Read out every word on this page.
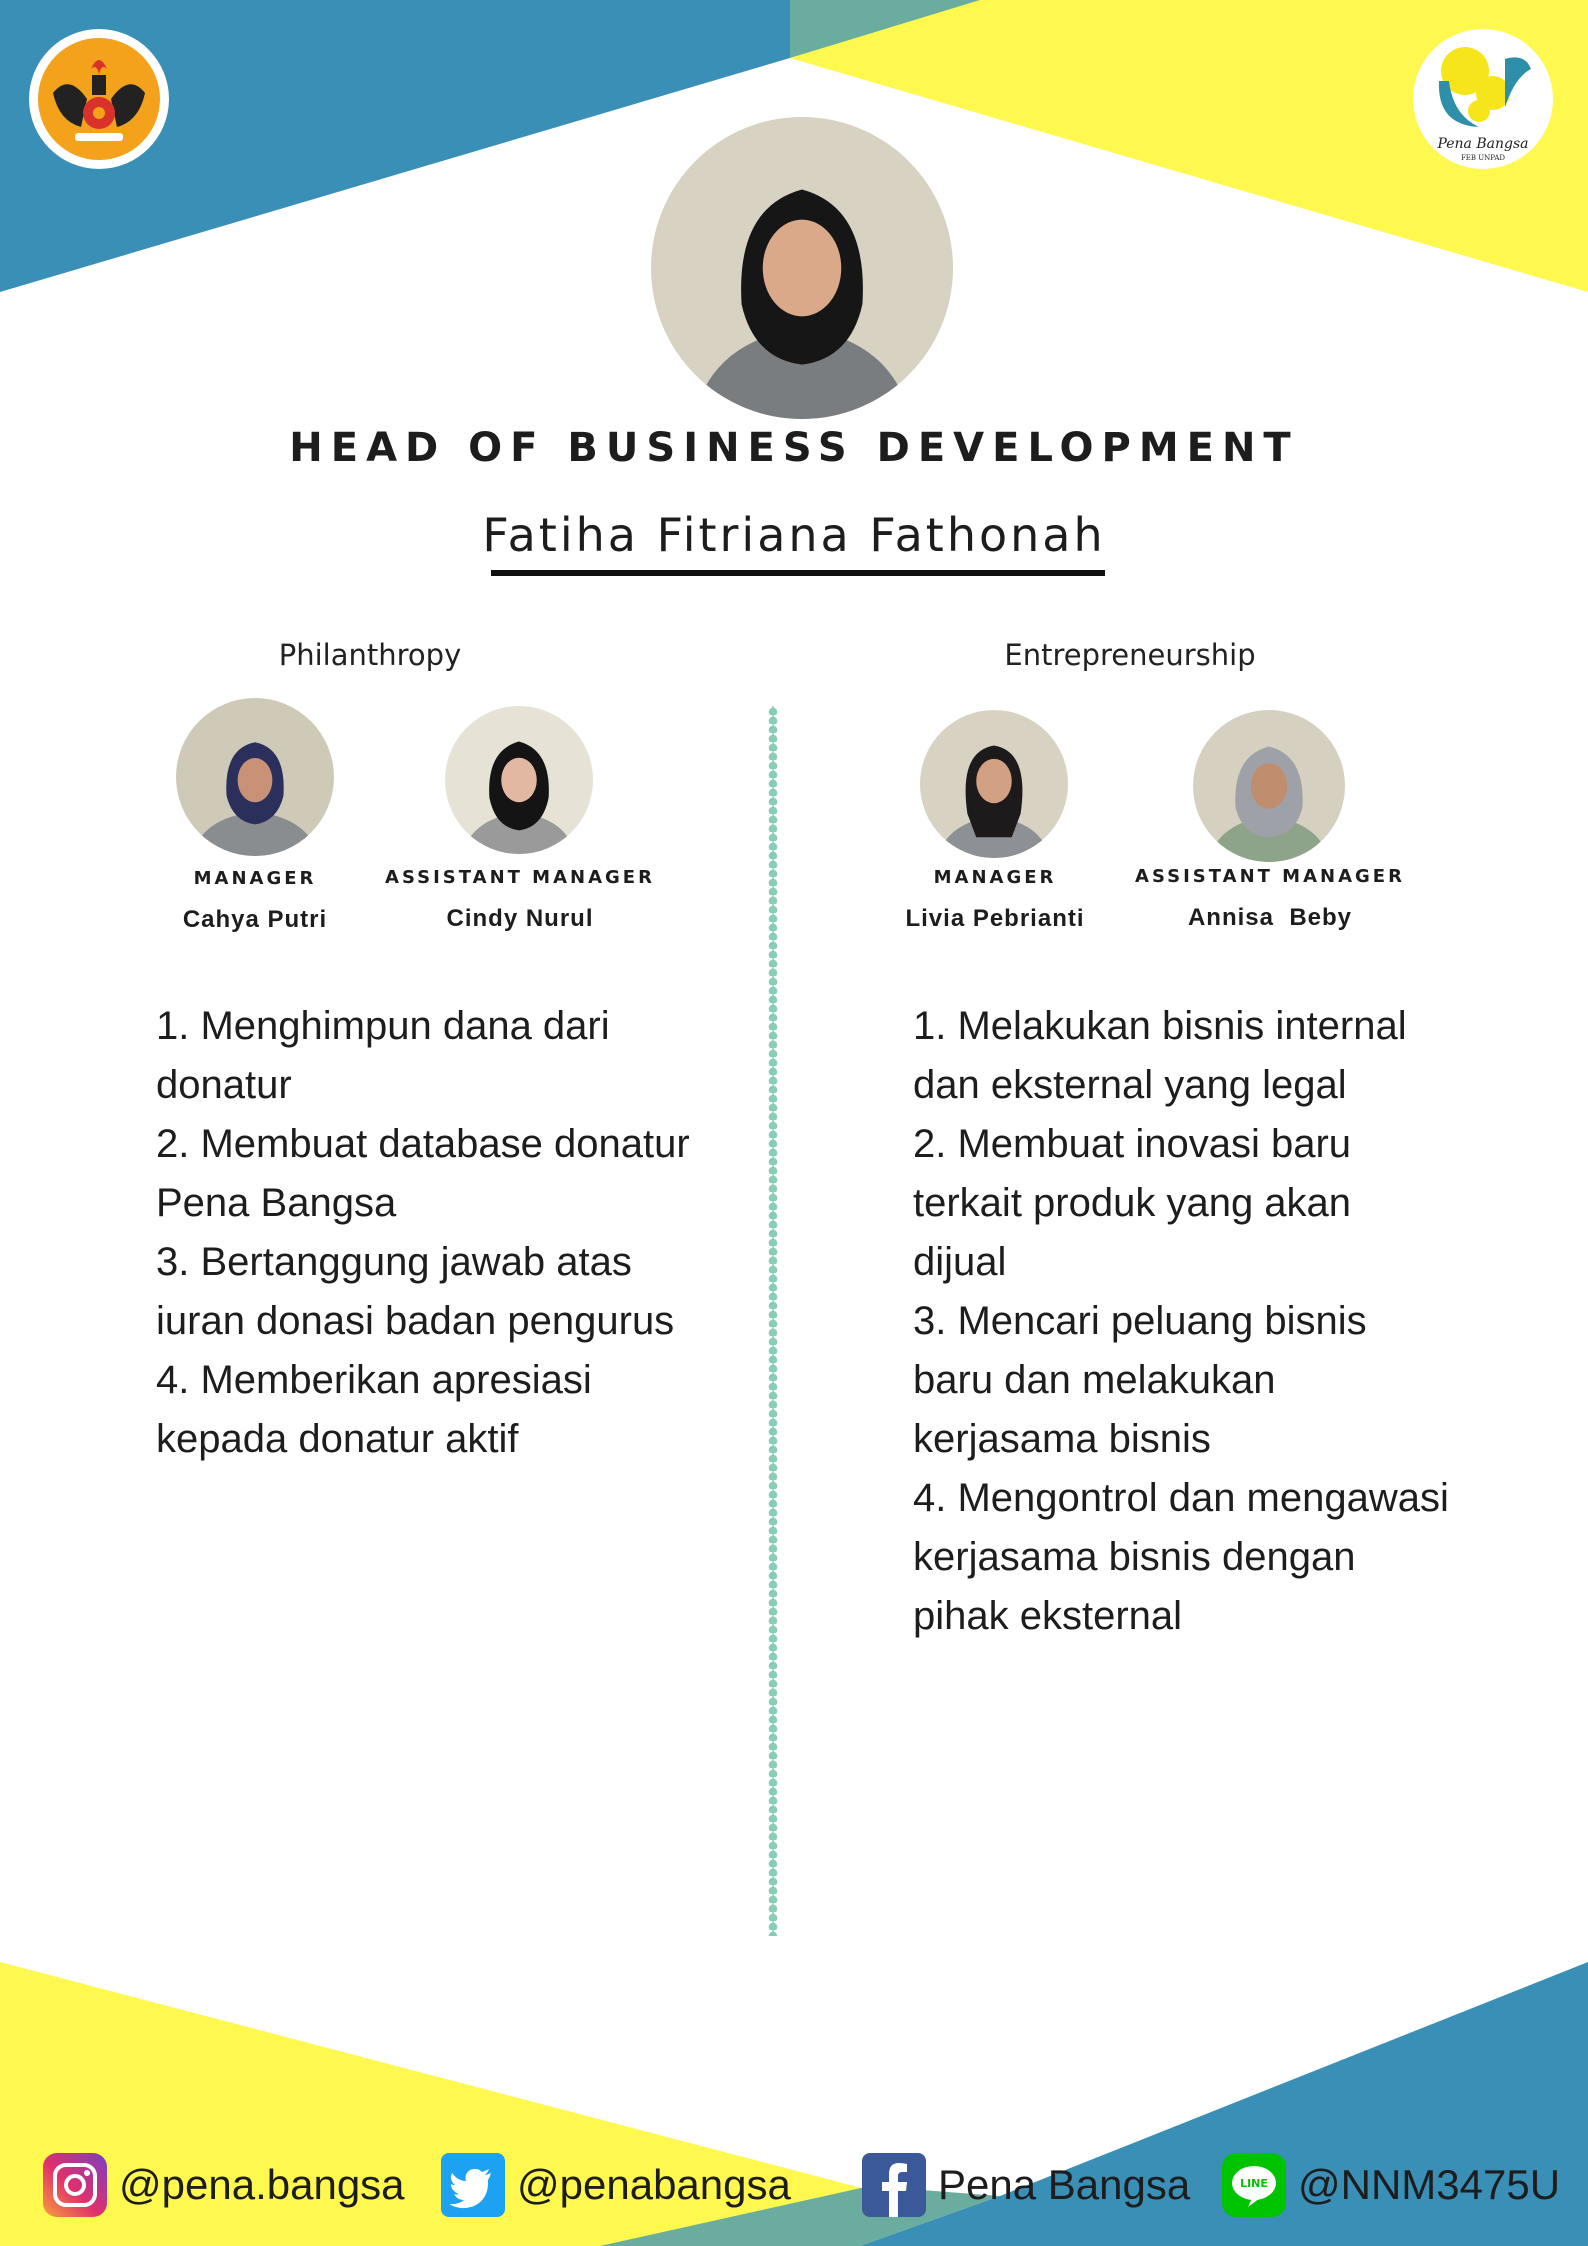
Pena Bangsa
FEB UNPAD
HEAD OF BUSINESS DEVELOPMENT
Fatiha Fitriana Fathonah
Philanthropy	Entrepreneurship
MANAGER
Cahya Putri
ASSISTANT MANAGER
Cindy Nurul
MANAGER
Livia Pebrianti
ASSISTANT MANAGER
Annisa  Beby
1. Menghimpun dana dari donatur
2. Membuat database donatur Pena Bangsa
3. Bertanggung jawab atas iuran donasi badan pengurus
4. Memberikan apresiasi kepada donatur aktif
1. Melakukan bisnis internal dan eksternal yang legal
2. Membuat inovasi baru terkait produk yang akan dijual
3. Mencari peluang bisnis baru dan melakukan kerjasama bisnis
4. Mengontrol dan mengawasi kerjasama bisnis dengan pihak eksternal
@pena.bangsa	@penabangsa	Pena Bangsa	LINE @NNM3475U
